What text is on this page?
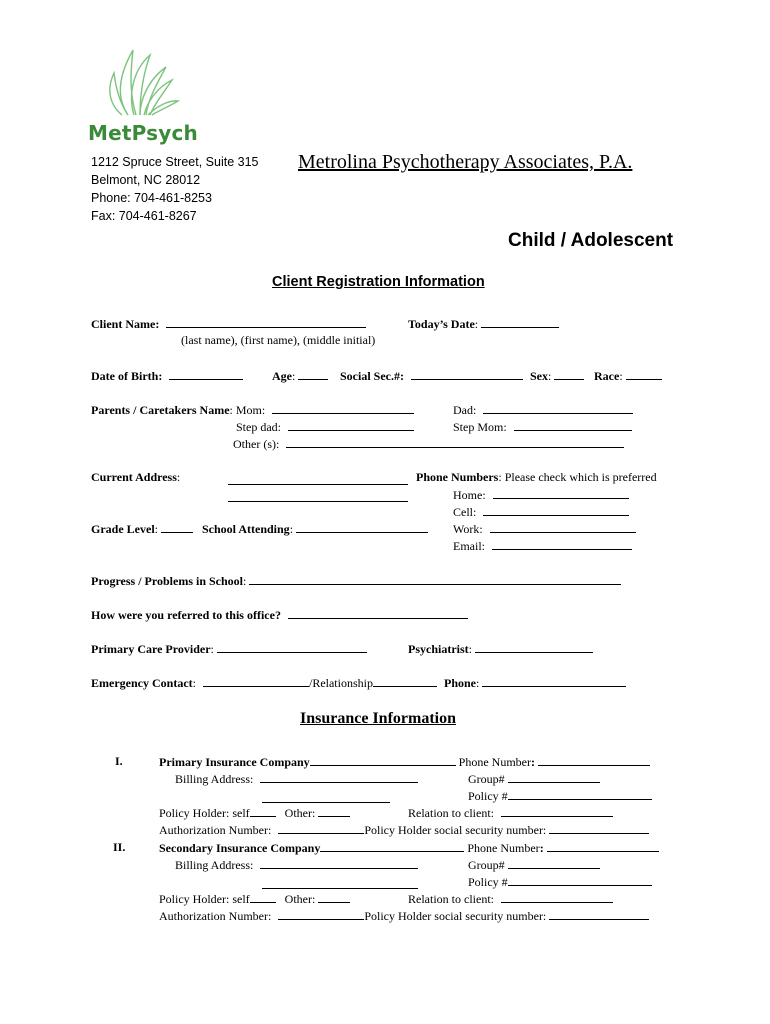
MetPsych
1212 Spruce Street, Suite 315
Belmont, NC 28012
Phone: 704-461-8253
Fax: 704-461-8267
Metrolina Psychotherapy Associates, P.A.
Child / Adolescent
Client Registration Information
Client Name:	Today’s Date:
(last name), (first name), (middle initial)
Date of Birth:	Age:	Social Sec.#:	Sex:	Race:
Parents / Caretakers Name: Mom:	Dad:
Step dad:	Step Mom:
Other (s):
Current Address:	Phone Numbers: Please check which is preferred
Home:
Cell:
Grade Level:	School Attending:	Work:
Email:
Progress / Problems in School:
How were you referred to this office?
Primary Care Provider:	Psychiatrist:
Emergency Contact:	/Relationship	Phone:
Insurance Information
I.	Primary Insurance Company	Phone Number:
Billing Address:	Group#
Policy #
Policy Holder: self	Other:	Relation to client:
Authorization Number:	Policy Holder social security number:
II.	Secondary Insurance Company	Phone Number:
Billing Address:	Group#
Policy #
Policy Holder: self	Other:	Relation to client:
Authorization Number:	Policy Holder social security number:
